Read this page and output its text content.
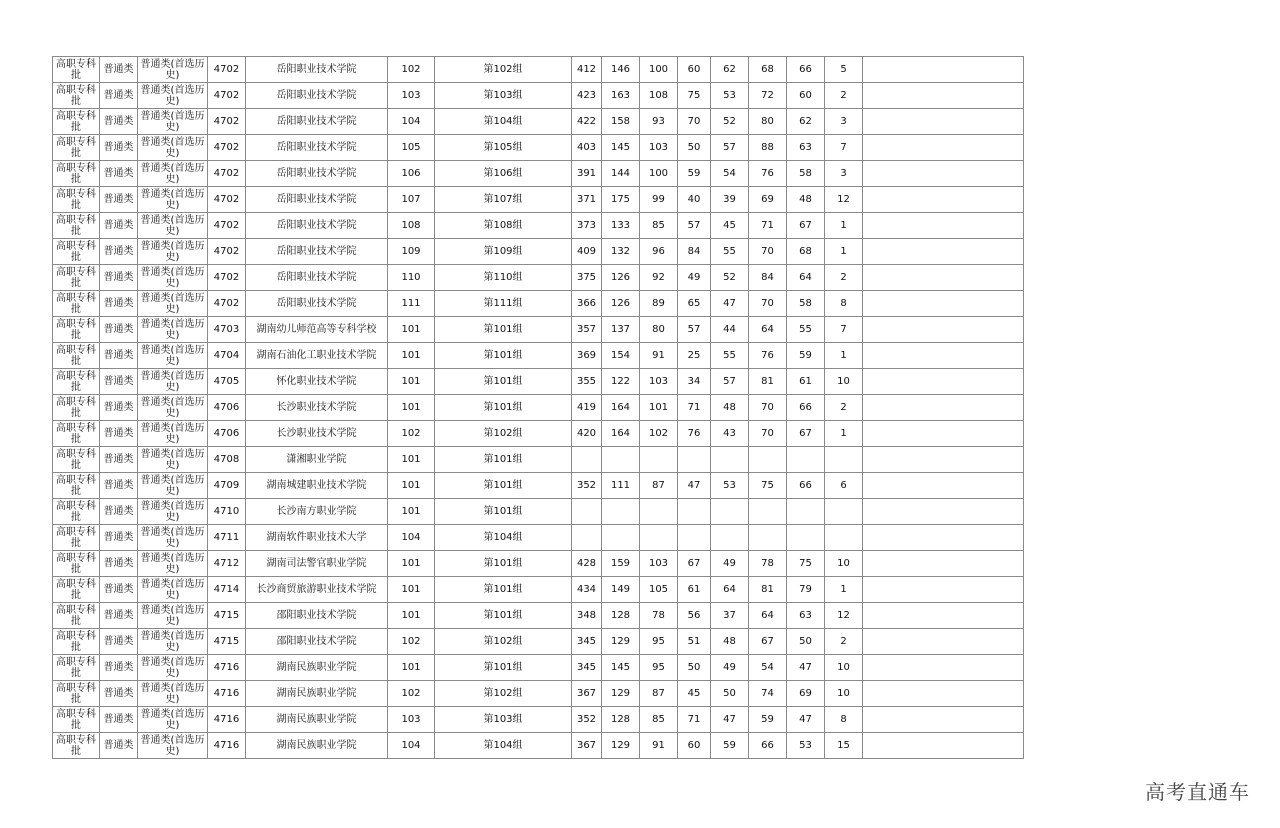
高职专科批	普通类	普通类(首选历史)	4702	岳阳职业技术学院	102	第102组	412	146	100	60	62	68	66	5	
高职专科批	普通类	普通类(首选历史)	4702	岳阳职业技术学院	103	第103组	423	163	108	75	53	72	60	2	
高职专科批	普通类	普通类(首选历史)	4702	岳阳职业技术学院	104	第104组	422	158	93	70	52	80	62	3	
高职专科批	普通类	普通类(首选历史)	4702	岳阳职业技术学院	105	第105组	403	145	103	50	57	88	63	7	
高职专科批	普通类	普通类(首选历史)	4702	岳阳职业技术学院	106	第106组	391	144	100	59	54	76	58	3	
高职专科批	普通类	普通类(首选历史)	4702	岳阳职业技术学院	107	第107组	371	175	99	40	39	69	48	12	
高职专科批	普通类	普通类(首选历史)	4702	岳阳职业技术学院	108	第108组	373	133	85	57	45	71	67	1	
高职专科批	普通类	普通类(首选历史)	4702	岳阳职业技术学院	109	第109组	409	132	96	84	55	70	68	1	
高职专科批	普通类	普通类(首选历史)	4702	岳阳职业技术学院	110	第110组	375	126	92	49	52	84	64	2	
高职专科批	普通类	普通类(首选历史)	4702	岳阳职业技术学院	111	第111组	366	126	89	65	47	70	58	8	
高职专科批	普通类	普通类(首选历史)	4703	湖南幼儿师范高等专科学校	101	第101组	357	137	80	57	44	64	55	7	
高职专科批	普通类	普通类(首选历史)	4704	湖南石油化工职业技术学院	101	第101组	369	154	91	25	55	76	59	1	
高职专科批	普通类	普通类(首选历史)	4705	怀化职业技术学院	101	第101组	355	122	103	34	57	81	61	10	
高职专科批	普通类	普通类(首选历史)	4706	长沙职业技术学院	101	第101组	419	164	101	71	48	70	66	2	
高职专科批	普通类	普通类(首选历史)	4706	长沙职业技术学院	102	第102组	420	164	102	76	43	70	67	1	
高职专科批	普通类	普通类(首选历史)	4708	潇湘职业学院	101	第101组									
高职专科批	普通类	普通类(首选历史)	4709	湖南城建职业技术学院	101	第101组	352	111	87	47	53	75	66	6	
高职专科批	普通类	普通类(首选历史)	4710	长沙南方职业学院	101	第101组									
高职专科批	普通类	普通类(首选历史)	4711	湖南软件职业技术大学	104	第104组									
高职专科批	普通类	普通类(首选历史)	4712	湖南司法警官职业学院	101	第101组	428	159	103	67	49	78	75	10	
高职专科批	普通类	普通类(首选历史)	4714	长沙商贸旅游职业技术学院	101	第101组	434	149	105	61	64	81	79	1	
高职专科批	普通类	普通类(首选历史)	4715	邵阳职业技术学院	101	第101组	348	128	78	56	37	64	63	12	
高职专科批	普通类	普通类(首选历史)	4715	邵阳职业技术学院	102	第102组	345	129	95	51	48	67	50	2	
高职专科批	普通类	普通类(首选历史)	4716	湖南民族职业学院	101	第101组	345	145	95	50	49	54	47	10	
高职专科批	普通类	普通类(首选历史)	4716	湖南民族职业学院	102	第102组	367	129	87	45	50	74	69	10	
高职专科批	普通类	普通类(首选历史)	4716	湖南民族职业学院	103	第103组	352	128	85	71	47	59	47	8	
高职专科批	普通类	普通类(首选历史)	4716	湖南民族职业学院	104	第104组	367	129	91	60	59	66	53	15	
高考直通车
